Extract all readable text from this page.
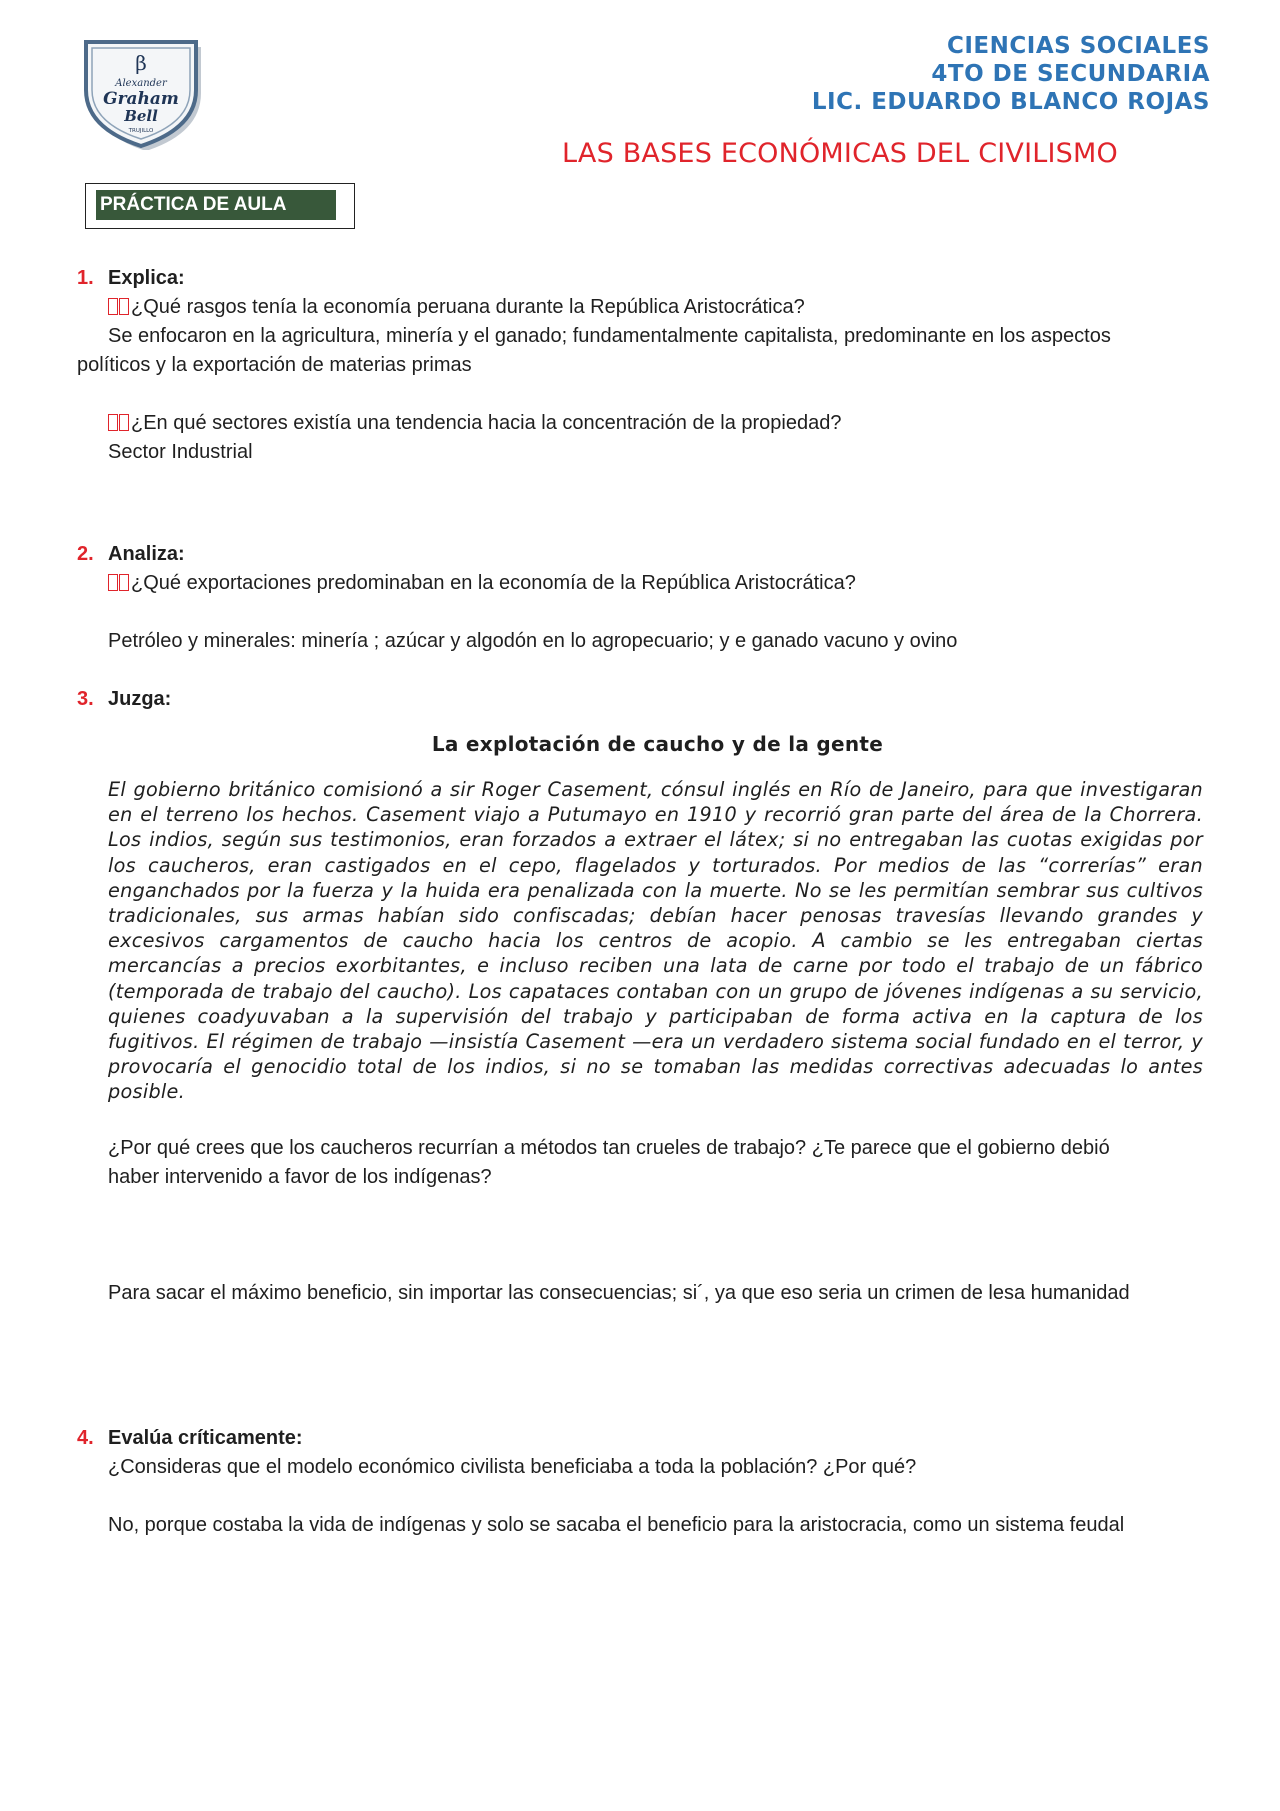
β
Alexander
Graham
Bell
TRUJILLO
CIENCIAS SOCIALES
4TO DE SECUNDARIA
LIC. EDUARDO BLANCO ROJAS
LAS BASES ECONÓMICAS DEL CIVILISMO
PRÁCTICA DE AULA
1. Explica:
¿Qué rasgos tenía la economía peruana durante la República Aristocrática?
Se enfocaron en la agricultura, minería y el ganado; fundamentalmente capitalista, predominante en los aspectos
políticos y la exportación de materias primas
¿En qué sectores existía una tendencia hacia la concentración de la propiedad?
Sector Industrial
2. Analiza:
¿Qué exportaciones predominaban en la economía de la República Aristocrática?
Petróleo y minerales: minería ; azúcar y algodón en lo agropecuario; y e ganado vacuno y ovino
3. Juzga:
La explotación de caucho y de la gente
El gobierno británico comisionó a sir Roger Casement, cónsul inglés en Río de Janeiro, para que investigaran en el terreno los hechos. Casement viajo a Putumayo en 1910 y recorrió gran parte del área de la Chorrera. Los indios, según sus testimonios, eran forzados a extraer el látex; si no entregaban las cuotas exigidas por los caucheros, eran castigados en el cepo, flagelados y torturados. Por medios de las “correrías” eran enganchados por la fuerza y la huida era penalizada con la muerte. No se les permitían sembrar sus cultivos tradicionales, sus armas habían sido confiscadas; debían hacer penosas travesías llevando grandes y excesivos cargamentos de caucho hacia los centros de acopio. A cambio se les entregaban ciertas mercancías a precios exorbitantes, e incluso reciben una lata de carne por todo el trabajo de un fábrico (temporada de trabajo del caucho). Los capataces contaban con un grupo de jóvenes indígenas a su servicio, quienes coadyuvaban a la supervisión del trabajo y participaban de forma activa en la captura de los fugitivos. El régimen de trabajo —insistía Casement —era un verdadero sistema social fundado en el terror, y provocaría el genocidio total de los indios, si no se tomaban las medidas correctivas adecuadas lo antes posible.
¿Por qué crees que los caucheros recurrían a métodos tan crueles de trabajo? ¿Te parece que el gobierno debió
haber intervenido a favor de los indígenas?
Para sacar el máximo beneficio, sin importar las consecuencias; si´, ya que eso seria un crimen de lesa humanidad
4. Evalúa críticamente:
¿Consideras que el modelo económico civilista beneficiaba a toda la población? ¿Por qué?
No, porque costaba la vida de indígenas y solo se sacaba el beneficio para la aristocracia, como un sistema feudal
